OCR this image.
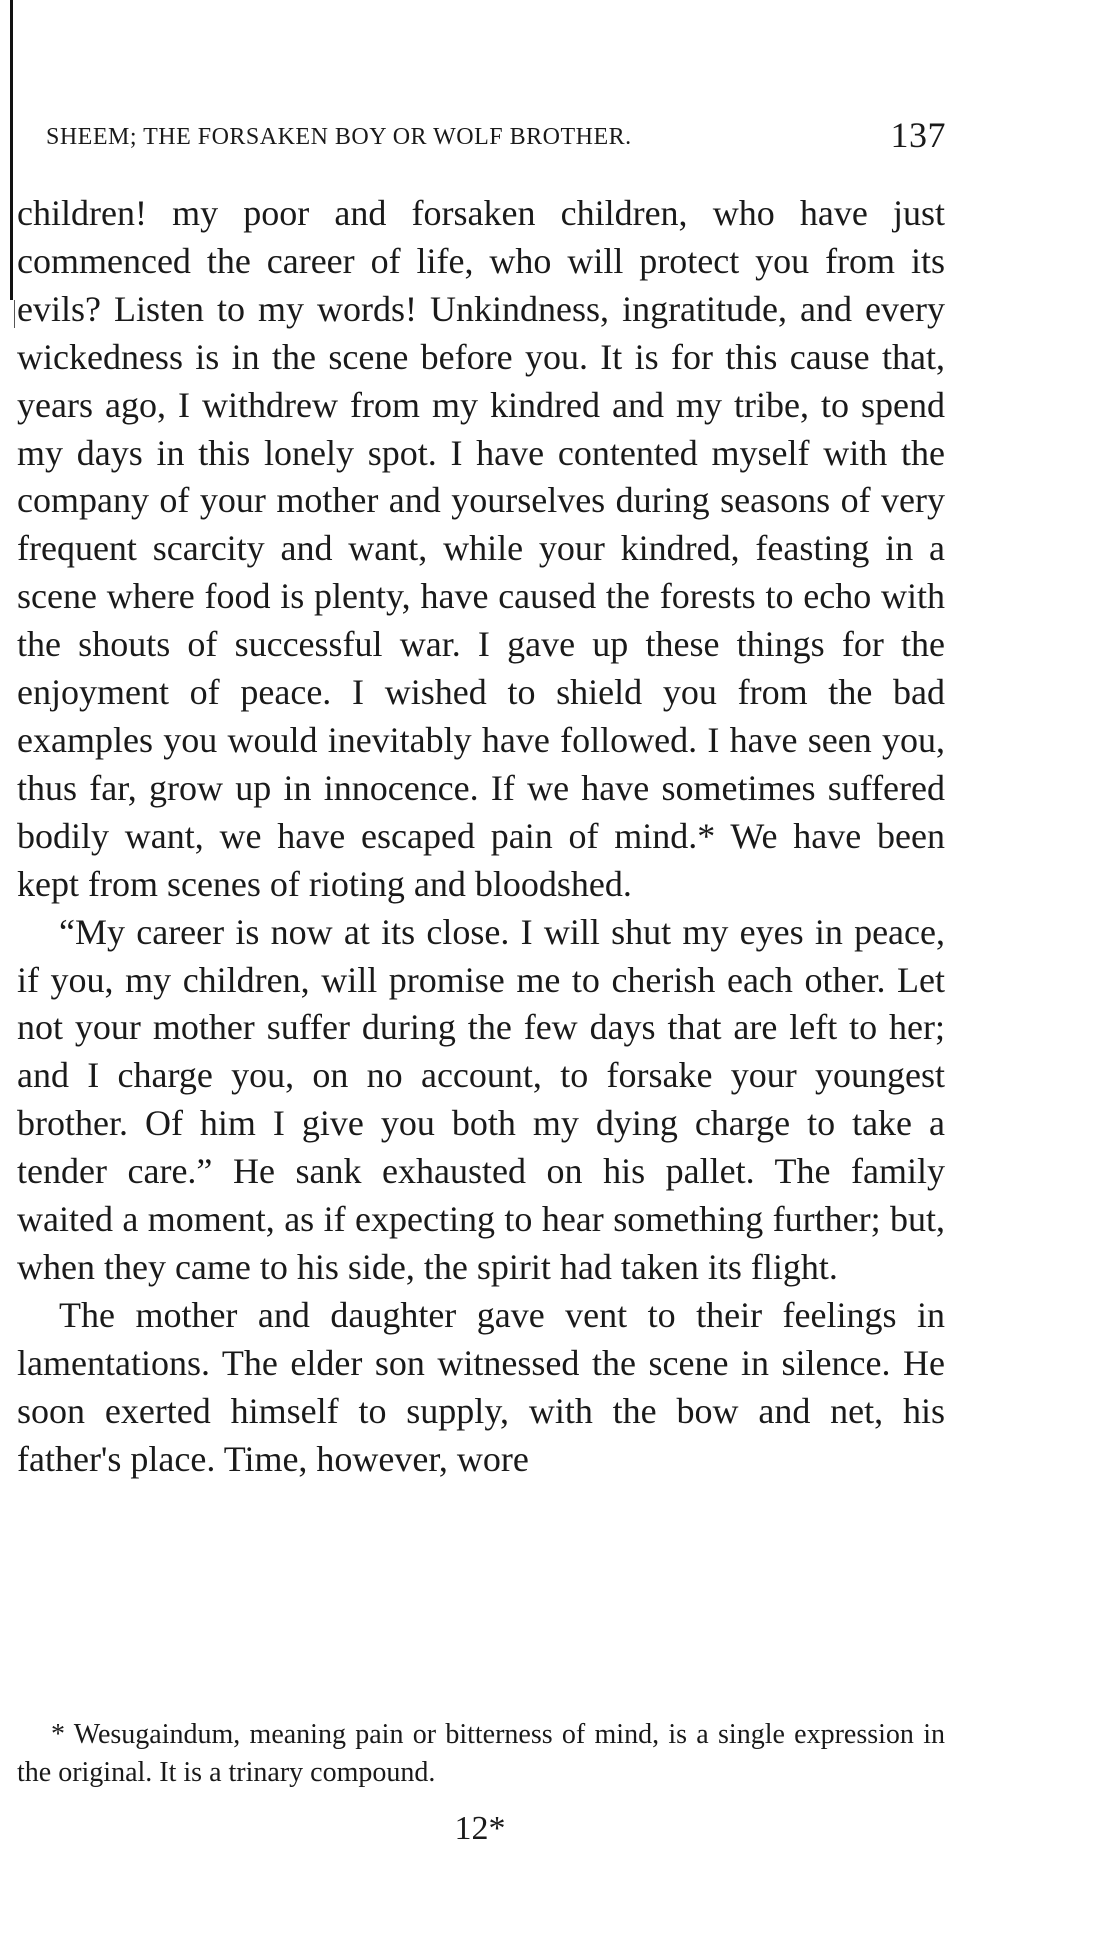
SHEEM; THE FORSAKEN BOY OR WOLF BROTHER.	137

children! my poor and forsaken children, who have just commenced the career of life, who will protect you from its evils? Listen to my words! Unkindness, ingratitude, and every wickedness is in the scene before you. It is for this cause that, years ago, I withdrew from my kindred and my tribe, to spend my days in this lonely spot. I have contented myself with the company of your mother and yourselves during seasons of very frequent scarcity and want, while your kindred, feasting in a scene where food is plenty, have caused the forests to echo with the shouts of successful war. I gave up these things for the enjoyment of peace. I wished to shield you from the bad examples you would inevitably have followed. I have seen you, thus far, grow up in innocence. If we have sometimes suffered bodily want, we have escaped pain of mind.* We have been kept from scenes of rioting and bloodshed.

“My career is now at its close. I will shut my eyes in peace, if you, my children, will promise me to cherish each other. Let not your mother suffer during the few days that are left to her; and I charge you, on no account, to forsake your youngest brother. Of him I give you both my dying charge to take a tender care.” He sank exhausted on his pallet. The family waited a moment, as if expecting to hear something further; but, when they came to his side, the spirit had taken its flight.

The mother and daughter gave vent to their feelings in lamentations. The elder son witnessed the scene in silence. He soon exerted himself to supply, with the bow and net, his father's place. Time, however, wore

* Wesugaindum, meaning pain or bitterness of mind, is a single expression in the original. It is a trinary compound.

12*
